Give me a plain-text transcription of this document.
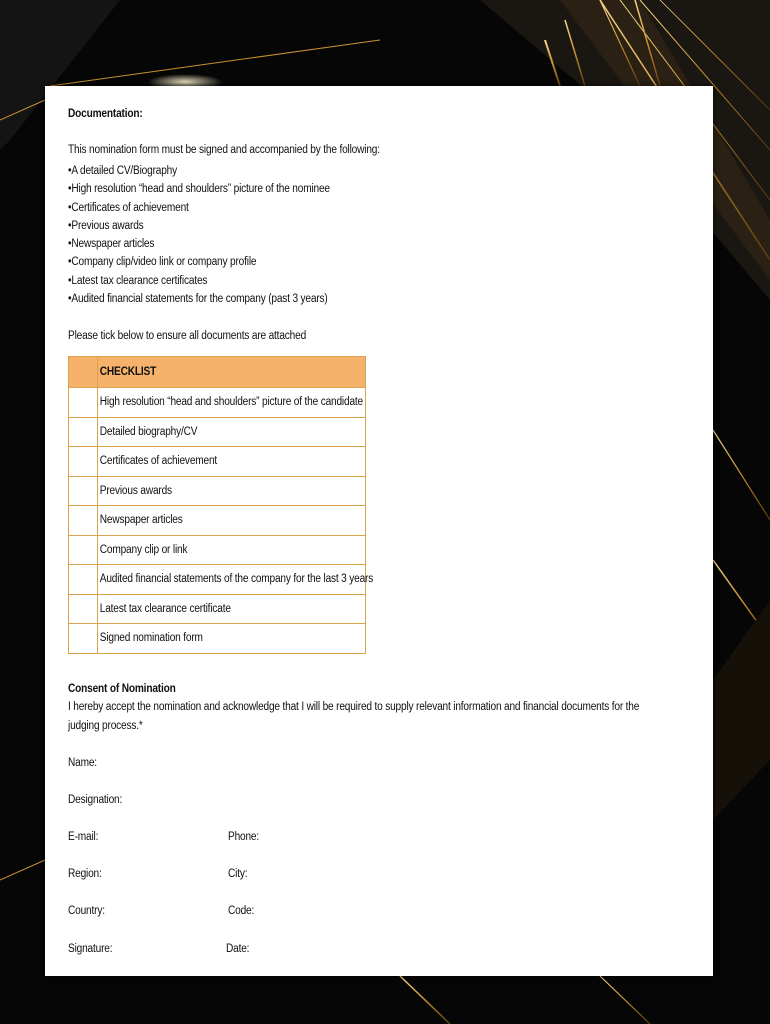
Documentation:
This nomination form must be signed and accompanied by the following:
•A detailed CV/Biography
•High resolution “head and shoulders” picture of the nominee
•Certificates of achievement
•Previous awards
•Newspaper articles
•Company clip/video link or company profile
•Latest tax clearance certificates
•Audited financial statements for the company (past 3 years)
Please tick below to ensure all documents are attached
	CHECKLIST
	High resolution “head and shoulders” picture of the candidate
	Detailed biography/CV
	Certificates of achievement
	Previous awards
	Newspaper articles
	Company clip or link
	Audited financial statements of the company for the last 3 years
	Latest tax clearance certificate
	Signed nomination form
Consent of Nomination
I hereby accept the nomination and acknowledge that I will be required to supply relevant information and financial documents for the
judging process.*
Name:
Designation:
E-mail:	Phone:
Region:	City:
Country:	Code:
Signature:	Date:
